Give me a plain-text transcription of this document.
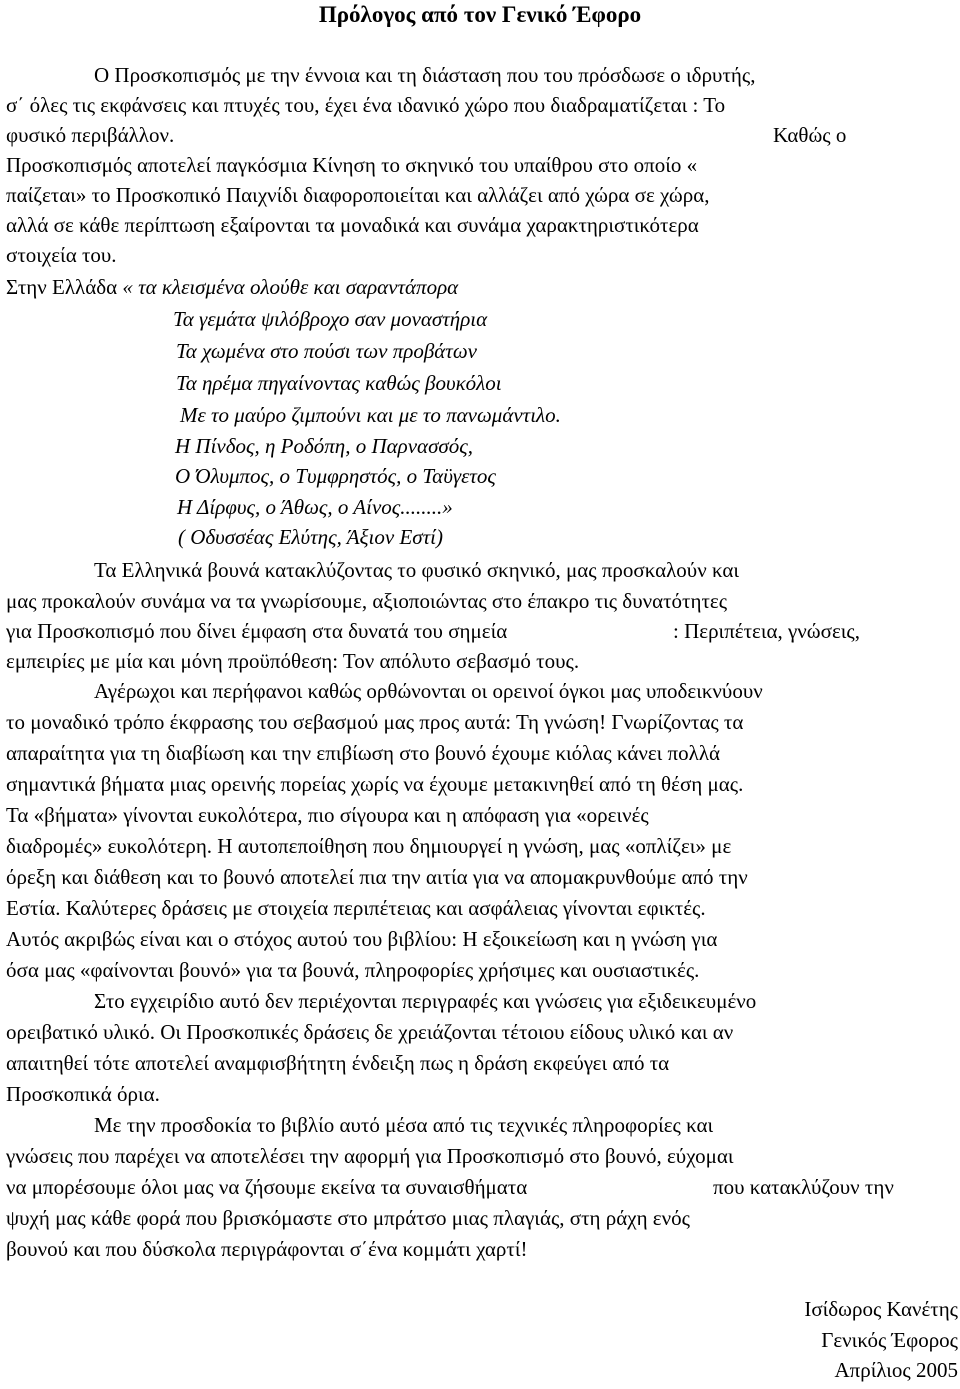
Πρόλογος από τον Γενικό Έφορο
Ο Προσκοπισμός με την έννοια και τη διάσταση που του πρόσδωσε ο ιδρυτής,
σ΄ όλες τις εκφάνσεις και πτυχές του, έχει ένα ιδανικό χώρο που διαδραματίζεται : Το
φυσικό περιβάλλον.	Καθώς ο
Προσκοπισμός αποτελεί παγκόσμια Κίνηση το σκηνικό του υπαίθρου στο οποίο «
παίζεται» το Προσκοπικό Παιχνίδι διαφοροποιείται και αλλάζει από χώρα σε χώρα,
αλλά σε κάθε περίπτωση εξαίρονται τα μοναδικά και συνάμα χαρακτηριστικότερα
στοιχεία του.
Στην Ελλάδα « τα κλεισμένα ολούθε και σαραντάπορα
Τα γεμάτα ψιλόβροχο σαν μοναστήρια
Τα χωμένα στο πούσι των προβάτων
Τα ηρέμα πηγαίνοντας καθώς βουκόλοι
Με το μαύρο ζιμπούνι και με το πανωμάντιλο.
Η Πίνδος, η Ροδόπη, ο Παρνασσός,
Ο Όλυμπος, ο Τυμφρηστός, ο Ταϋγετος
Η Δίρφυς, ο Άθως, ο Αίνος........»
( Οδυσσέας Ελύτης, Άξιον Εστί)
Τα Ελληνικά βουνά κατακλύζοντας το φυσικό σκηνικό, μας προσκαλούν και
μας προκαλούν συνάμα να τα γνωρίσουμε, αξιοποιώντας στο έπακρο τις δυνατότητες
για Προσκοπισμό που δίνει έμφαση στα δυνατά του σημεία	: Περιπέτεια, γνώσεις,
εμπειρίες με μία και μόνη προϋπόθεση: Τον απόλυτο σεβασμό τους.
Αγέρωχοι και περήφανοι καθώς ορθώνονται οι ορεινοί όγκοι μας υποδεικνύουν
το μοναδικό τρόπο έκφρασης του σεβασμού μας προς αυτά: Τη γνώση! Γνωρίζοντας τα
απαραίτητα για τη διαβίωση και την επιβίωση στο βουνό έχουμε κιόλας κάνει πολλά
σημαντικά βήματα μιας ορεινής πορείας χωρίς να έχουμε μετακινηθεί από τη θέση μας.
Τα «βήματα» γίνονται ευκολότερα, πιο σίγουρα και η απόφαση για «ορεινές
διαδρομές» ευκολότερη. Η αυτοπεποίθηση που δημιουργεί η γνώση, μας «οπλίζει» με
όρεξη και διάθεση και το βουνό αποτελεί πια την αιτία για να απομακρυνθούμε από την
Εστία. Καλύτερες δράσεις με στοιχεία περιπέτειας και ασφάλειας γίνονται εφικτές.
Αυτός ακριβώς είναι και ο στόχος αυτού του βιβλίου: Η εξοικείωση και η γνώση για
όσα μας «φαίνονται βουνό» για τα βουνά, πληροφορίες χρήσιμες και ουσιαστικές.
Στο εγχειρίδιο αυτό δεν περιέχονται περιγραφές και γνώσεις για εξιδεικευμένο
ορειβατικό υλικό. Οι Προσκοπικές δράσεις δε χρειάζονται τέτοιου είδους υλικό και αν
απαιτηθεί τότε αποτελεί αναμφισβήτητη ένδειξη πως η δράση εκφεύγει από τα
Προσκοπικά όρια.
Με την προσδοκία το βιβλίο αυτό μέσα από τις τεχνικές πληροφορίες και
γνώσεις που παρέχει να αποτελέσει την αφορμή για Προσκοπισμό στο βουνό, εύχομαι
να μπορέσουμε όλοι μας να ζήσουμε εκείνα τα συναισθήματα	που κατακλύζουν την
ψυχή μας κάθε φορά που βρισκόμαστε στο μπράτσο μιας πλαγιάς, στη ράχη ενός
βουνού και που δύσκολα περιγράφονται σ΄ένα κομμάτι χαρτί!
Ισίδωρος Κανέτης
Γενικός Έφορος
Απρίλιος 2005
